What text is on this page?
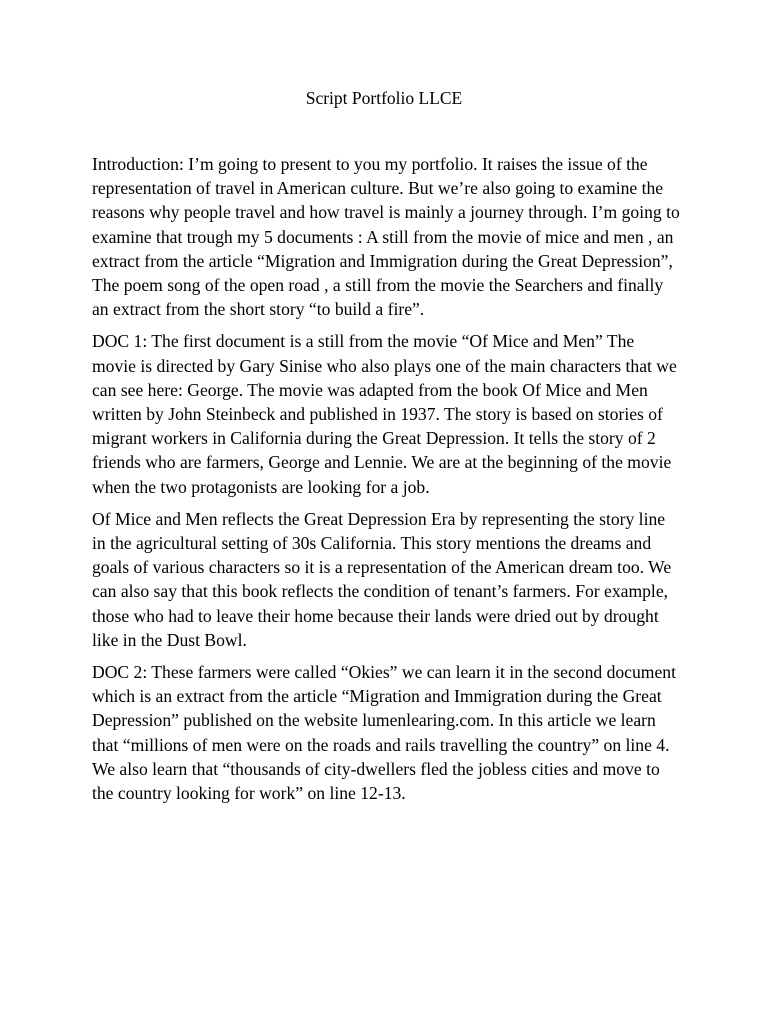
Script Portfolio LLCE

Introduction: I’m going to present to you my portfolio. It raises the issue of the representation of travel in American culture. But we’re also going to examine the reasons why people travel and how travel is mainly a journey through. I’m going to examine that trough my 5 documents : A still from the movie of mice and men , an extract from the article “Migration and Immigration during the Great Depression”, The poem song of the open road , a still from the movie the Searchers and finally an extract from the short story “to build a fire”.

DOC 1: The first document is a still from the movie “Of Mice and Men” The movie is directed by Gary Sinise who also plays one of the main characters that we can see here: George. The movie was adapted from the book Of Mice and Men written by John Steinbeck and published in 1937. The story is based on stories of migrant workers in California during the Great Depression. It tells the story of 2 friends who are farmers, George and Lennie. We are at the beginning of the movie when the two protagonists are looking for a job.

Of Mice and Men reflects the Great Depression Era by representing the story line in the agricultural setting of 30s California. This story mentions the dreams and goals of various characters so it is a representation of the American dream too. We can also say that this book reflects the condition of tenant’s farmers. For example, those who had to leave their home because their lands were dried out by drought like in the Dust Bowl.

DOC 2: These farmers were called “Okies” we can learn it in the second document which is an extract from the article “Migration and Immigration during the Great Depression” published on the website lumenlearing.com. In this article we learn that “millions of men were on the roads and rails travelling the country” on line 4. We also learn that “thousands of city-dwellers fled the jobless cities and move to the country looking for work” on line 12-13.
